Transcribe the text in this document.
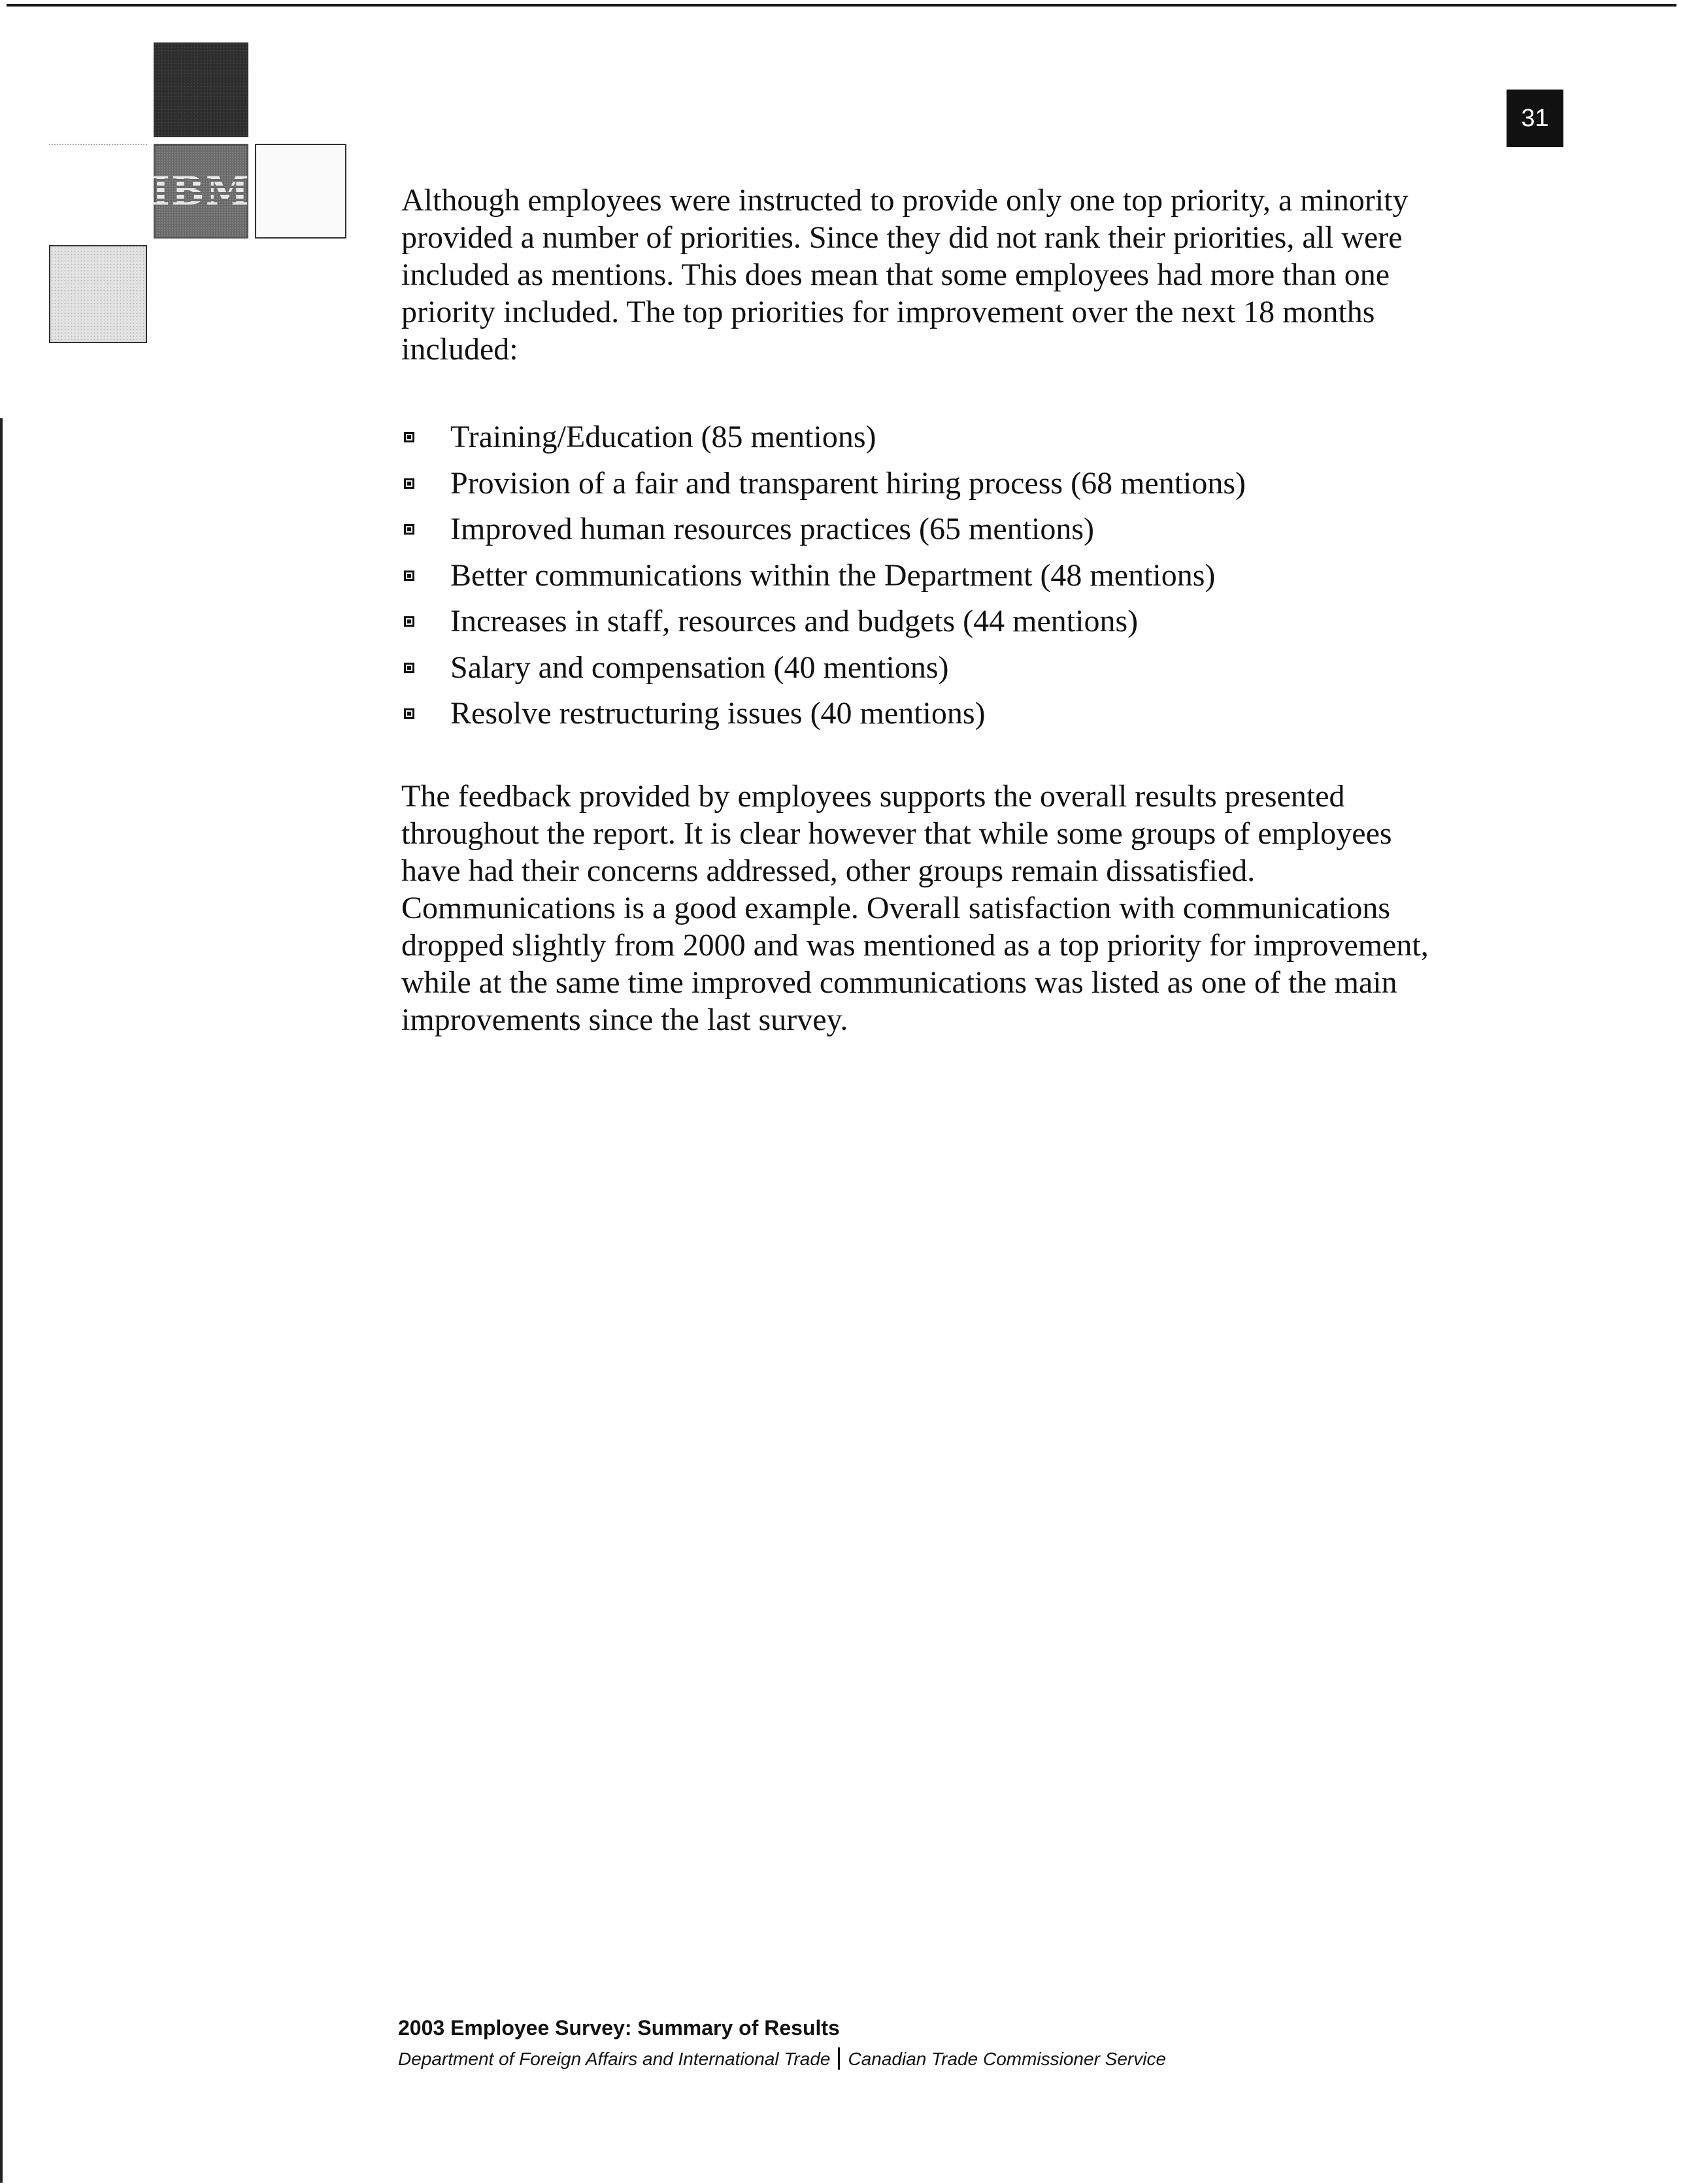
IBM
31

Although employees were instructed to provide only one top priority, a minority provided a number of priorities. Since they did not rank their priorities, all were included as mentions. This does mean that some employees had more than one priority included. The top priorities for improvement over the next 18 months included:

Training/Education (85 mentions)
Provision of a fair and transparent hiring process (68 mentions)
Improved human resources practices (65 mentions)
Better communications within the Department (48 mentions)
Increases in staff, resources and budgets (44 mentions)
Salary and compensation (40 mentions)
Resolve restructuring issues (40 mentions)

The feedback provided by employees supports the overall results presented throughout the report. It is clear however that while some groups of employees have had their concerns addressed, other groups remain dissatisfied. Communications is a good example. Overall satisfaction with communications dropped slightly from 2000 and was mentioned as a top priority for improvement, while at the same time improved communications was listed as one of the main improvements since the last survey.

2003 Employee Survey: Summary of Results

Department of Foreign Affairs and International Trade Canadian Trade Commissioner Service
